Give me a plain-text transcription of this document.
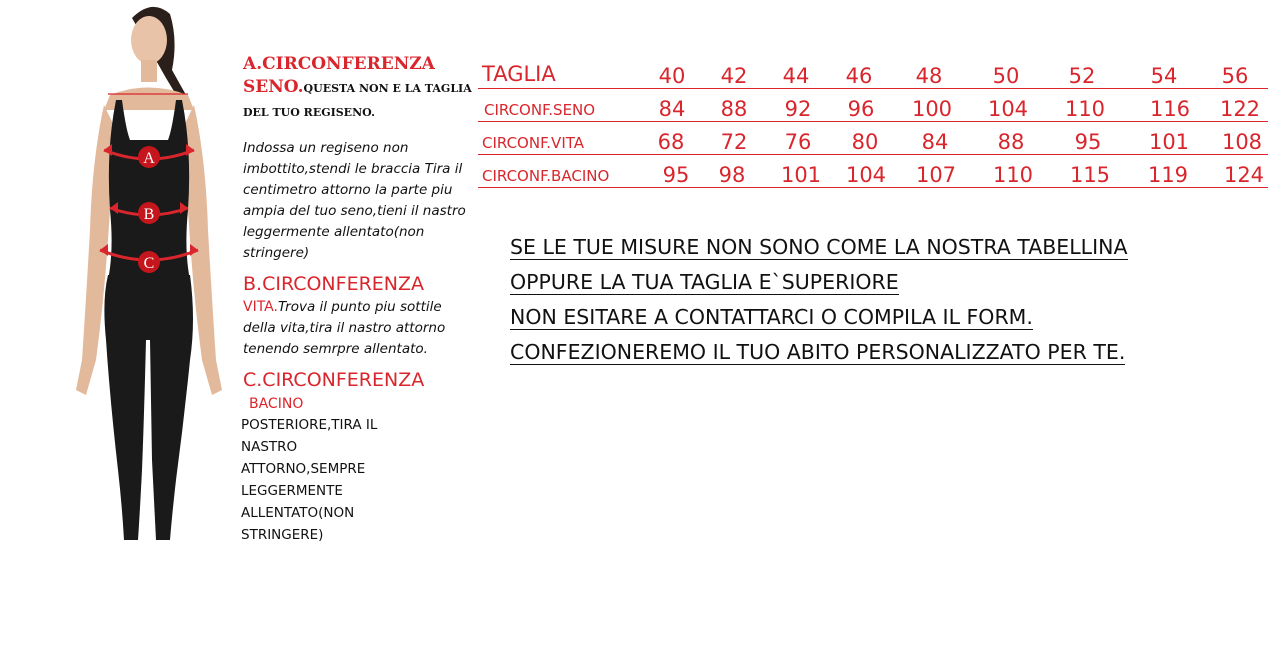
A
B
C
A.CIRCONFERENZA
SENO.QUESTA NON E LA TAGLIA DEL TUO REGISENO.
Indossa un regiseno non imbottito,stendi le braccia Tira il centimetro attorno la parte piu ampia del tuo seno,tieni il nastro leggermente allentato(non stringere)
B.CIRCONFERENZA
VITA.Trova il punto piu sottile della vita,tira il nastro attorno tenendo semrpre allentato.
C.CIRCONFERENZA
BACINO
POSTERIORE,TIRA IL NASTRO ATTORNO,SEMPRE LEGGERMENTE ALLENTATO(NON STRINGERE)
TAGLIA	40 42 44 46 48 50 52	54 56
CIRCONF.SENO	84 88 92 96 100 104 110 116 122
CIRCONF.VITA	68 72 76 80 84 88 95 101 108
CIRCONF.BACINO	95 98 101 104 107 110 115 119 124
SE LE TUE MISURE NON SONO COME LA NOSTRA TABELLINA
OPPURE LA TUA TAGLIA E`SUPERIORE
NON ESITARE A CONTATTARCI O COMPILA IL FORM.
CONFEZIONEREMO IL TUO ABITO PERSONALIZZATO PER TE.
